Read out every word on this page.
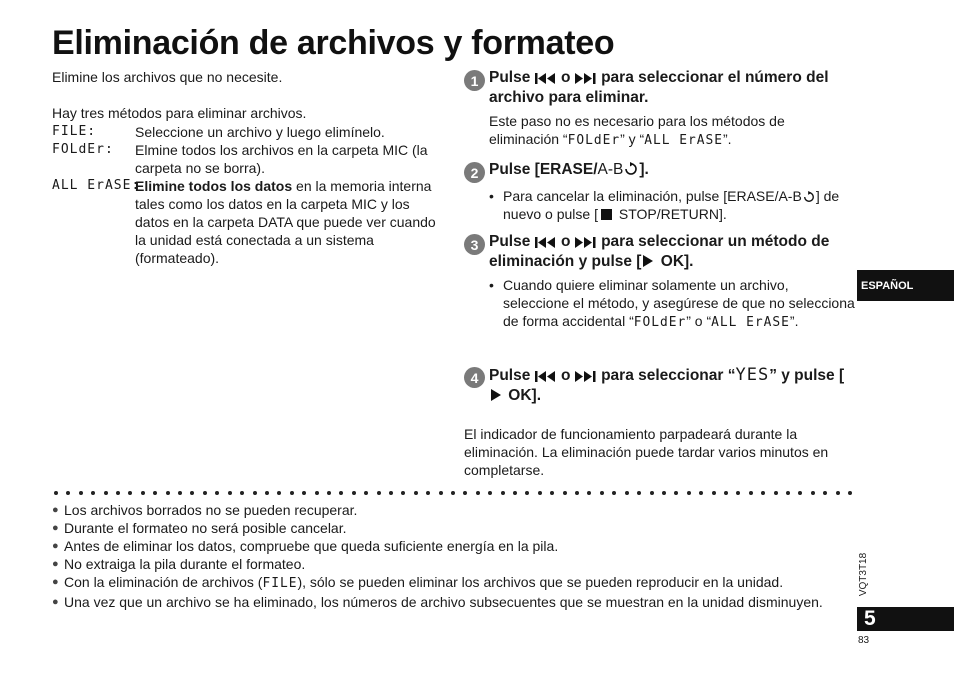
Eliminación de archivos y formateo

Elimine los archivos que no necesite.

Hay tres métodos para eliminar archivos.

FILE:	Seleccione un archivo y luego elimínelo.
FOLdEr:	Elmine todos los archivos en la carpeta MIC (la carpeta no se borra).
ALL ErASE:
Elimine todos los datos en la memoria interna tales como los datos en la carpeta MIC y los datos en la carpeta DATA que puede ver cuando la unidad está conectada a un sistema (formateado).
1 Pulse  o  para seleccionar el número del archivo para eliminar.
Este paso no es necesario para los métodos de eliminación “FOLdEr” y “ALL ErASE”.
2 Pulse [ERASE/A-B ].
• Para cancelar la eliminación, pulse [ERASE/A-B ] de nuevo o pulse [ STOP/RETURN].
3 Pulse  o  para seleccionar un método de eliminación y pulse [ OK].
• Cuando quiere eliminar solamente un archivo, seleccione el método, y asegúrese de que no selecciona de forma accidental “FOLdEr” o “ALL ErASE”.
4 Pulse  o  para seleccionar “YES” y pulse [ OK].

El indicador de funcionamiento parpadeará durante la eliminación. La eliminación puede tardar varios minutos en completarse.

● Los archivos borrados no se pueden recuperar.
● Durante el formateo no será posible cancelar.
● Antes de eliminar los datos, compruebe que queda suficiente energía en la pila.
● No extraiga la pila durante el formateo.
● Con la eliminación de archivos (FILE), sólo se pueden eliminar los archivos que se pueden reproducir en la unidad.
● Una vez que un archivo se ha eliminado, los números de archivo subsecuentes que se muestran en la unidad disminuyen.
ESPAÑOL
VQT3T18
5
83
